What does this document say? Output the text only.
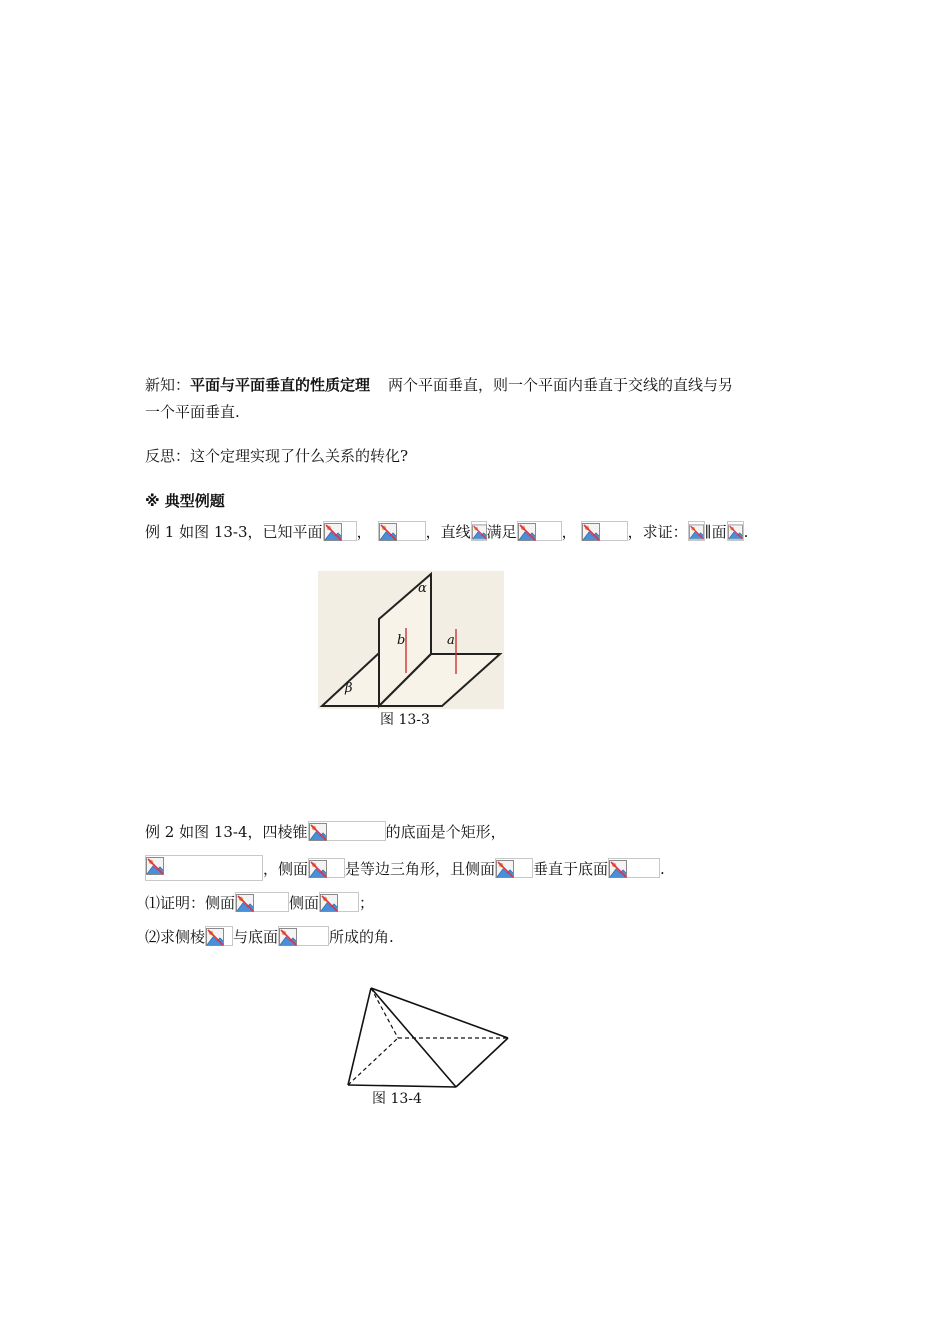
新知：平面与平面垂直的性质定理 两个平面垂直，则一个平面内垂直于交线的直线与另
一个平面垂直.
反思：这个定理实现了什么关系的转化?
※ 典型例题
例 1 如图 13-3，已知平面 ，	，直线 满足	，	，求证： ∥面 .
α
β
a
b
图 13-3
例 2 如图 13-4，四棱锥	的底面是个矩形，
，侧面 是等边三角形，且侧面	垂直于底面	.
⑴证明：侧面	侧面	；
⑵求侧棱 与底面	所成的角.
图 13-4
